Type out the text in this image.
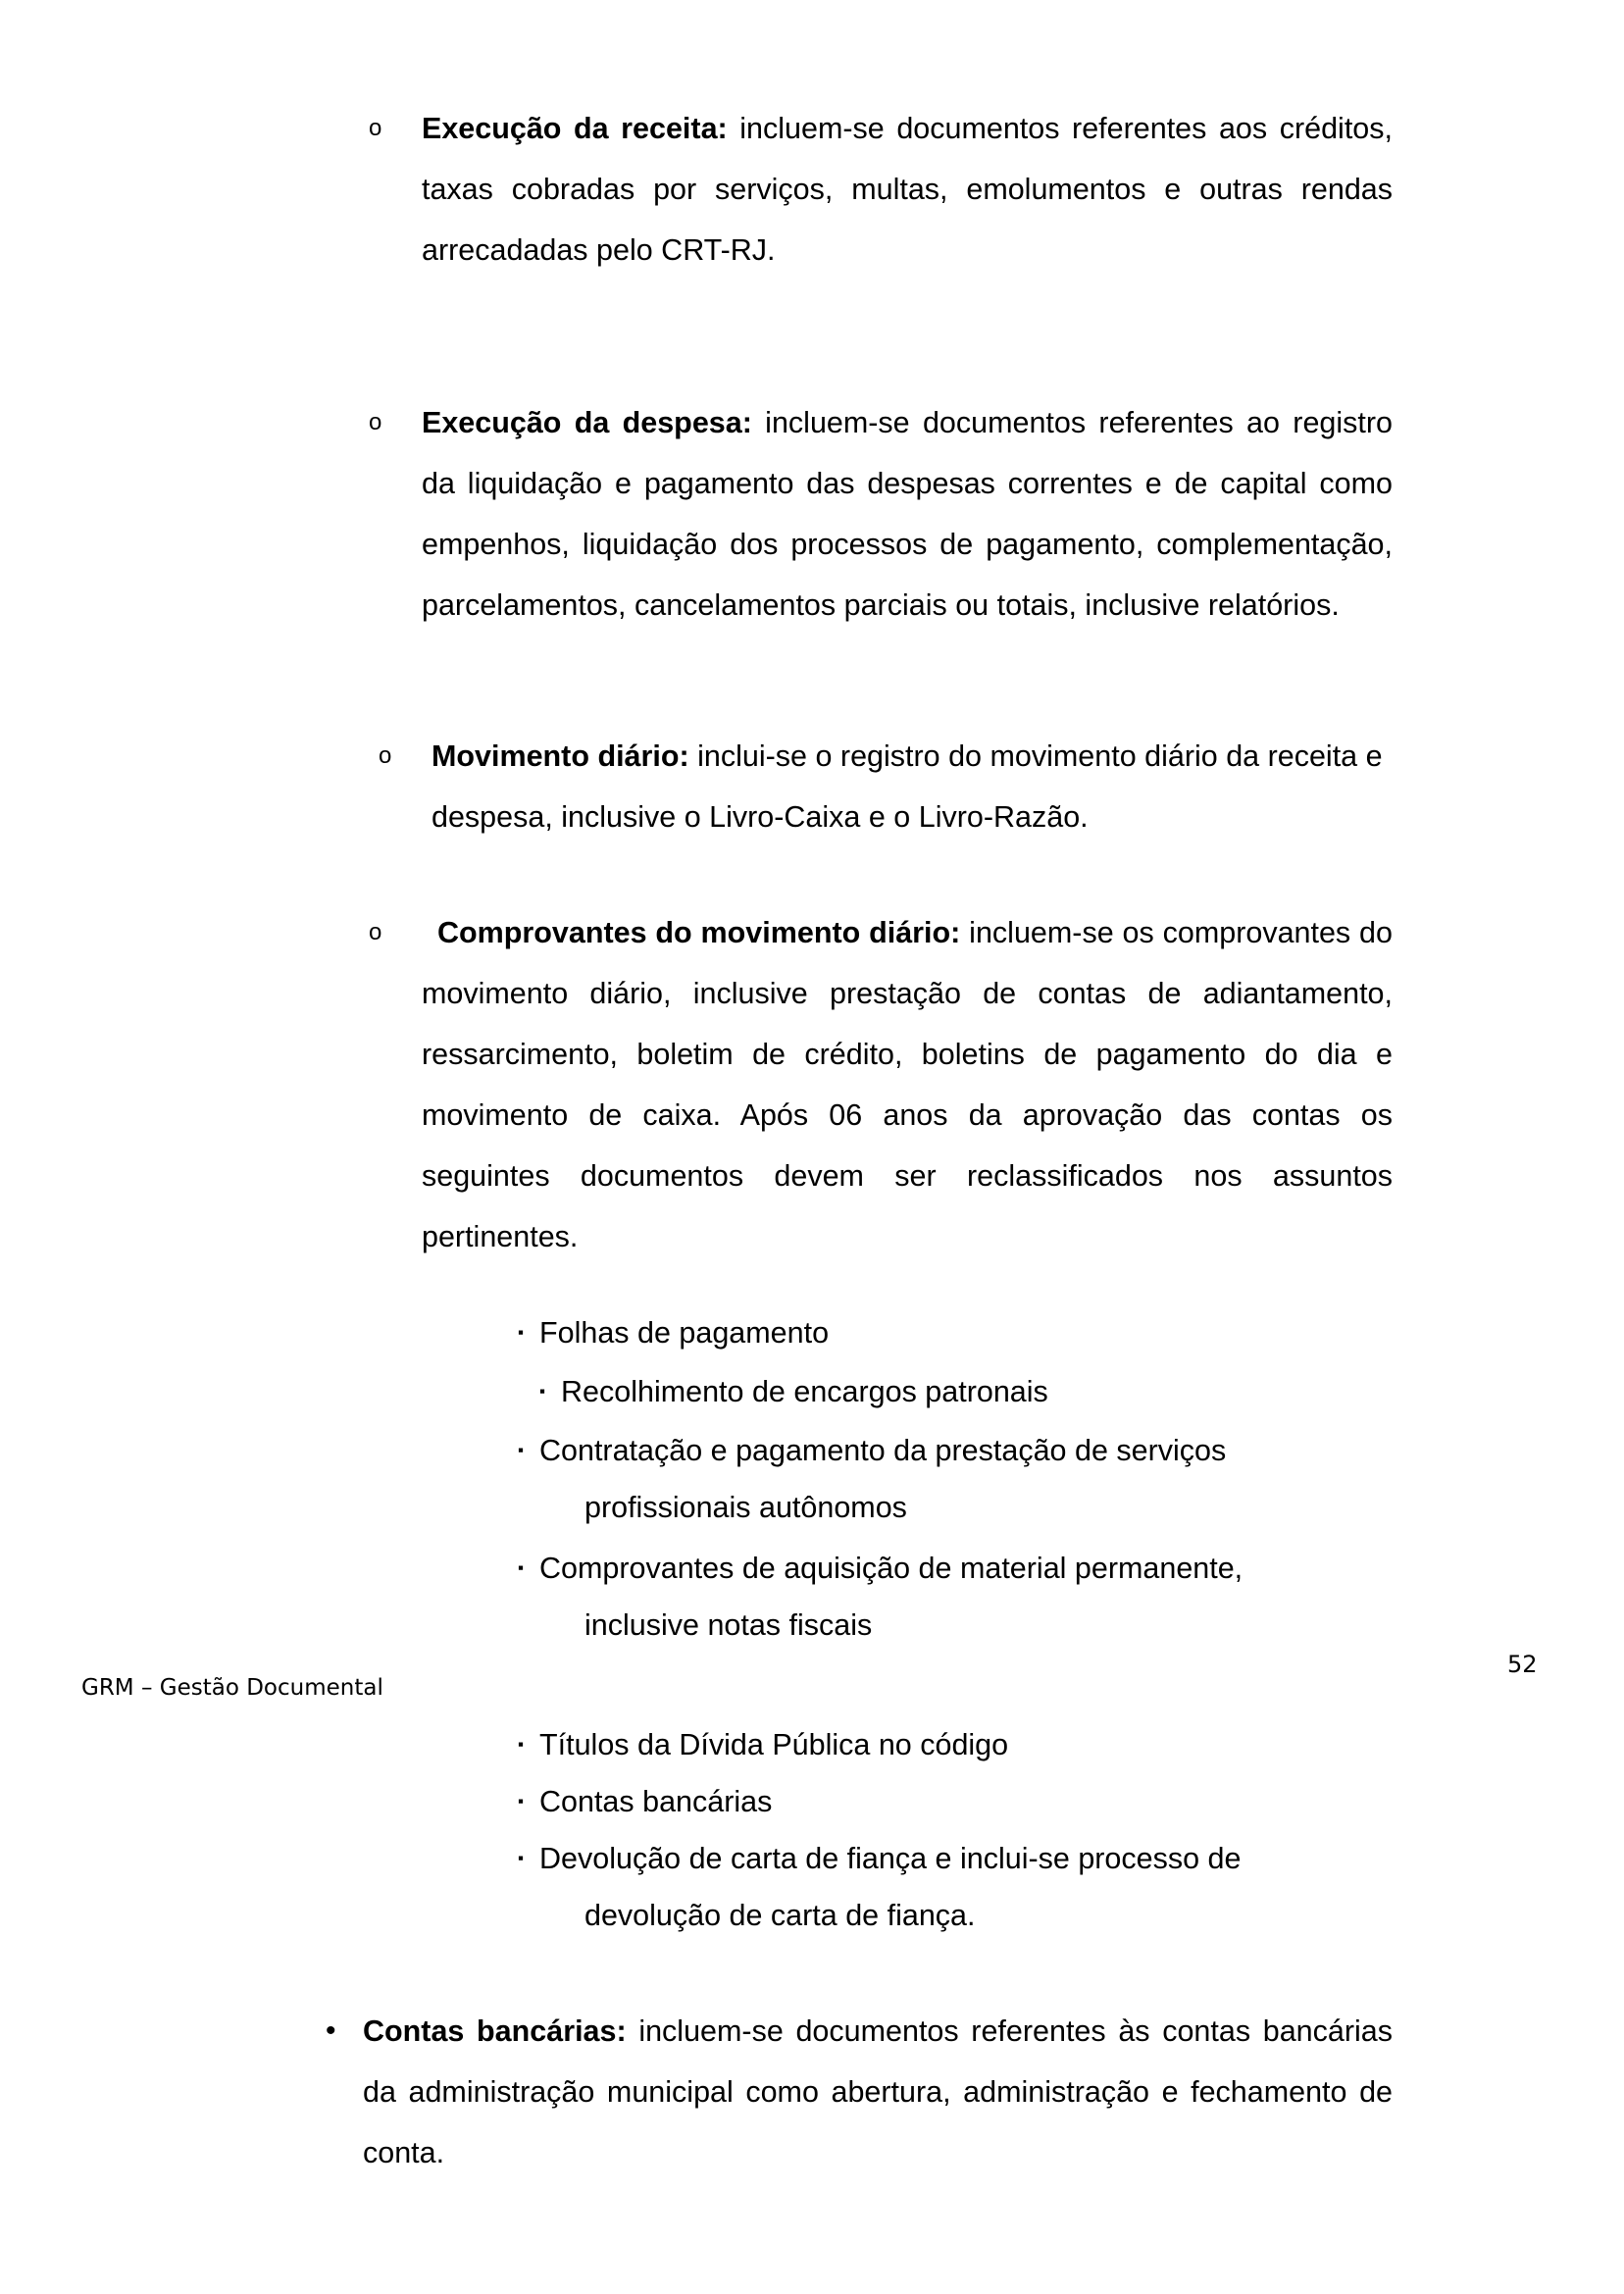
o Execução da receita: incluem-se documentos referentes aos créditos, taxas cobradas por serviços, multas, emolumentos e outras rendas arrecadadas pelo CRT-RJ.
o Execução da despesa: incluem-se documentos referentes ao registro da liquidação e pagamento das despesas correntes e de capital como empenhos, liquidação dos processos de pagamento, complementação, parcelamentos, cancelamentos parciais ou totais, inclusive relatórios.
o Movimento diário: inclui-se o registro do movimento diário da receita e despesa, inclusive o Livro-Caixa e o Livro-Razão.
o Comprovantes do movimento diário: incluem-se os comprovantes do movimento diário, inclusive prestação de contas de adiantamento, ressarcimento, boletim de crédito, boletins de pagamento do dia e movimento de caixa. Após 06 anos da aprovação das contas os seguintes documentos devem ser reclassificados nos assuntos pertinentes.
▪ Folhas de pagamento
▪ Recolhimento de encargos patronais
▪ Contratação e pagamento da prestação de serviços
profissionais autônomos
▪ Comprovantes de aquisição de material permanente,
inclusive notas fiscais
GRM – Gestão Documental
52
▪ Títulos da Dívida Pública no código
▪ Contas bancárias
▪ Devolução de carta de fiança e inclui-se processo de
devolução de carta de fiança.
• Contas bancárias: incluem-se documentos referentes às contas bancárias da administração municipal como abertura, administração e fechamento de conta.
